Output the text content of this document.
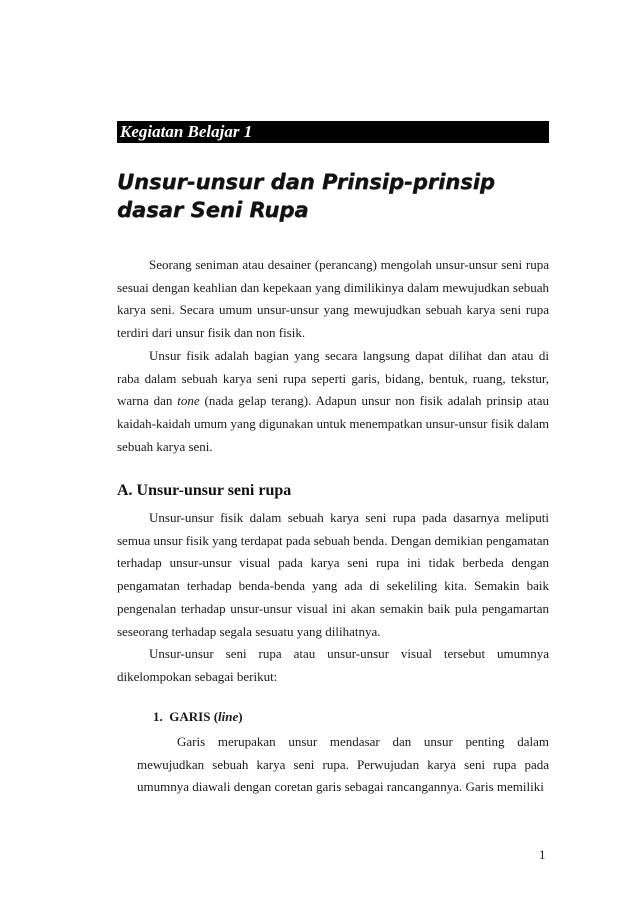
Kegiatan Belajar 1
Unsur-unsur dan Prinsip-prinsip dasar Seni Rupa

Seorang seniman atau desainer (perancang) mengolah unsur-unsur seni rupa sesuai dengan keahlian dan kepekaan yang dimilikinya dalam mewujudkan sebuah karya seni. Secara umum unsur-unsur yang mewujudkan sebuah karya seni rupa terdiri dari unsur fisik dan non fisik.

Unsur fisik adalah bagian yang secara langsung dapat dilihat dan atau di raba dalam sebuah karya seni rupa seperti garis, bidang, bentuk, ruang, tekstur, warna dan tone (nada gelap terang). Adapun unsur non fisik adalah prinsip atau kaidah-kaidah umum yang digunakan untuk menempatkan unsur-unsur fisik dalam sebuah karya seni.

A. Unsur-unsur seni rupa

Unsur-unsur fisik dalam sebuah karya seni rupa pada dasarnya meliputi semua unsur fisik yang terdapat pada sebuah benda. Dengan demikian pengamatan terhadap unsur-unsur visual pada karya seni rupa ini tidak berbeda dengan pengamatan terhadap benda-benda yang ada di sekeliling kita. Semakin baik pengenalan terhadap unsur-unsur visual ini akan semakin baik pula pengamartan seseorang terhadap segala sesuatu yang dilihatnya.

Unsur-unsur seni rupa atau unsur-unsur visual tersebut umumnya dikelompokan sebagai berikut:

1. GARIS (line)

Garis merupakan unsur mendasar dan unsur penting dalam mewujudkan sebuah karya seni rupa. Perwujudan karya seni rupa pada umumnya diawali dengan coretan garis sebagai rancangannya. Garis memiliki

1
